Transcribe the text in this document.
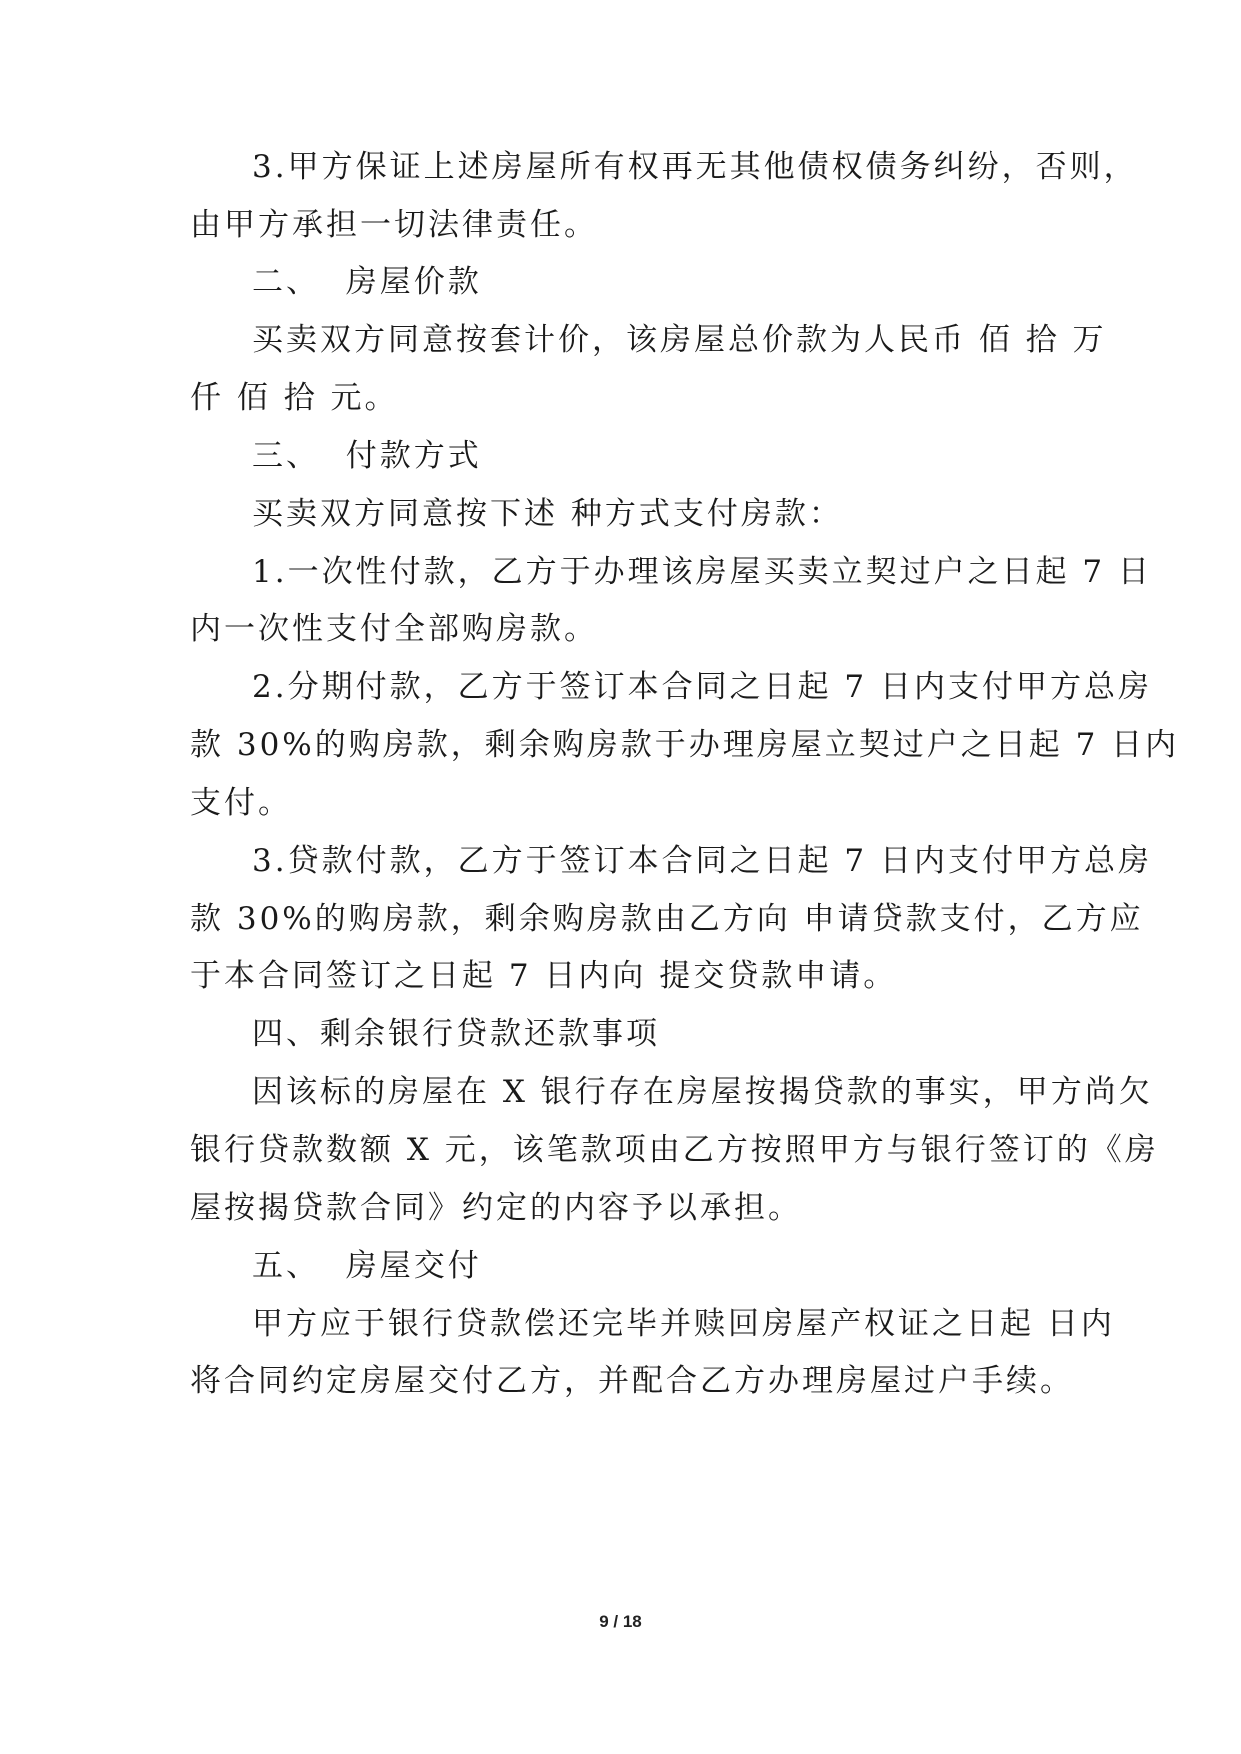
3.甲方保证上述房屋所有权再无其他债权债务纠纷，否则，
由甲方承担一切法律责任。
二、  房屋价款
买卖双方同意按套计价，该房屋总价款为人民币 佰 拾 万
仟 佰 拾 元。
三、  付款方式
买卖双方同意按下述 种方式支付房款：
1.一次性付款，乙方于办理该房屋买卖立契过户之日起 7 日
内一次性支付全部购房款。
2.分期付款，乙方于签订本合同之日起 7 日内支付甲方总房
款 30%的购房款，剩余购房款于办理房屋立契过户之日起 7 日内
支付。
3.贷款付款，乙方于签订本合同之日起 7 日内支付甲方总房
款 30%的购房款，剩余购房款由乙方向 申请贷款支付，乙方应
于本合同签订之日起 7 日内向 提交贷款申请。
四、剩余银行贷款还款事项
因该标的房屋在 X 银行存在房屋按揭贷款的事实，甲方尚欠
银行贷款数额 X 元，该笔款项由乙方按照甲方与银行签订的《房
屋按揭贷款合同》约定的内容予以承担。
五、  房屋交付
甲方应于银行贷款偿还完毕并赎回房屋产权证之日起 日内
将合同约定房屋交付乙方，并配合乙方办理房屋过户手续。
9 / 18
